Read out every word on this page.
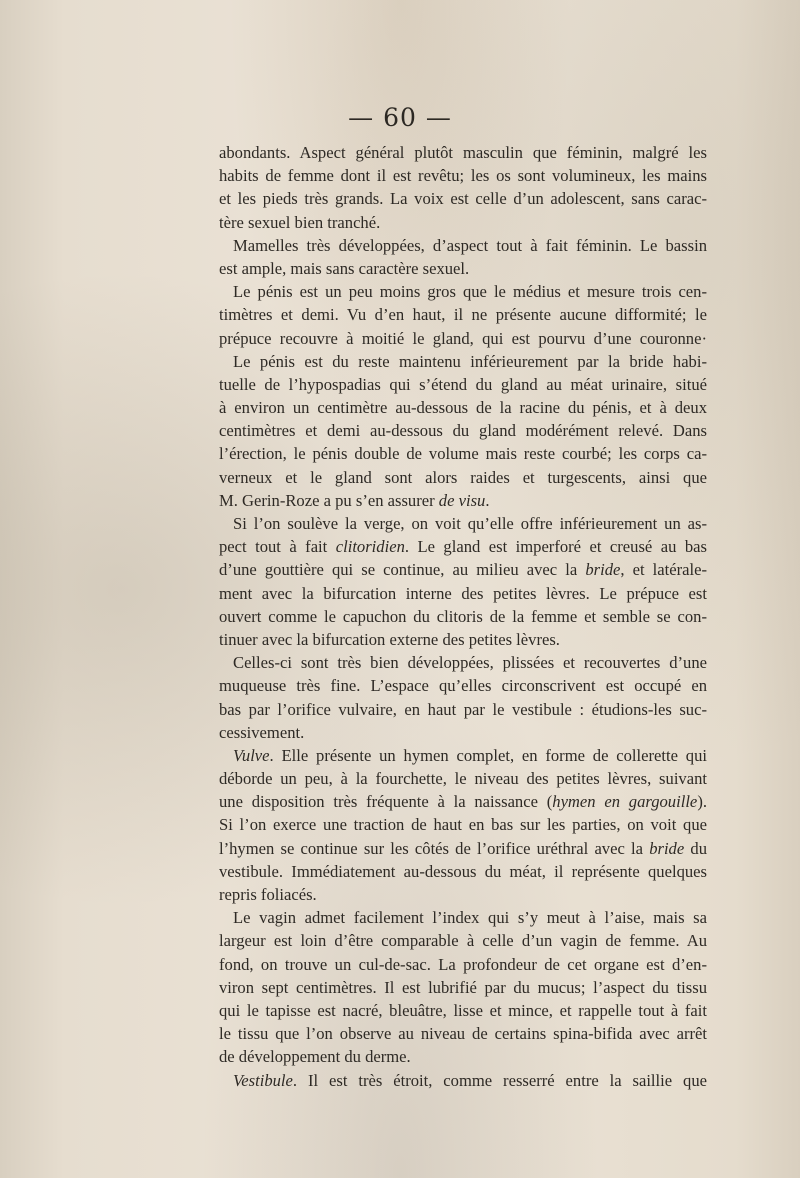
— 60 —
abondants. Aspect général plutôt masculin que féminin, malgré les
habits de femme dont il est revêtu; les os sont volumineux, les mains
et les pieds très grands. La voix est celle d’un adolescent, sans carac-
tère sexuel bien tranché.
Mamelles très développées, d’aspect tout à fait féminin. Le bassin
est ample, mais sans caractère sexuel.
Le pénis est un peu moins gros que le médius et mesure trois cen-
timètres et demi. Vu d’en haut, il ne présente aucune difformité; le
prépuce recouvre à moitié le gland, qui est pourvu d’une couronne·
Le pénis est du reste maintenu inférieurement par la bride habi-
tuelle de l’hypospadias qui s’étend du gland au méat urinaire, situé
à environ un centimètre au-dessous de la racine du pénis, et à deux
centimètres et demi au-dessous du gland modérément relevé. Dans
l’érection, le pénis double de volume mais reste courbé; les corps ca-
verneux et le gland sont alors raides et turgescents, ainsi que
M. Gerin-Roze a pu s’en assurer de visu.
Si l’on soulève la verge, on voit qu’elle offre inférieurement un as-
pect tout à fait clitoridien. Le gland est imperforé et creusé au bas
d’une gouttière qui se continue, au milieu avec la bride, et latérale-
ment avec la bifurcation interne des petites lèvres. Le prépuce est
ouvert comme le capuchon du clitoris de la femme et semble se con-
tinuer avec la bifurcation externe des petites lèvres.
Celles-ci sont très bien développées, plissées et recouvertes d’une
muqueuse très fine. L’espace qu’elles circonscrivent est occupé en
bas par l’orifice vulvaire, en haut par le vestibule : étudions-les suc-
cessivement.
Vulve. Elle présente un hymen complet, en forme de collerette qui
déborde un peu, à la fourchette, le niveau des petites lèvres, suivant
une disposition très fréquente à la naissance (hymen en gargouille).
Si l’on exerce une traction de haut en bas sur les parties, on voit que
l’hymen se continue sur les côtés de l’orifice uréthral avec la bride du
vestibule. Immédiatement au-dessous du méat, il représente quelques
repris foliacés.
Le vagin admet facilement l’index qui s’y meut à l’aise, mais sa
largeur est loin d’être comparable à celle d’un vagin de femme. Au
fond, on trouve un cul-de-sac. La profondeur de cet organe est d’en-
viron sept centimètres. Il est lubrifié par du mucus; l’aspect du tissu
qui le tapisse est nacré, bleuâtre, lisse et mince, et rappelle tout à fait
le tissu que l’on observe au niveau de certains spina-bifida avec arrêt
de développement du derme.
Vestibule. Il est très étroit, comme resserré entre la saillie que
